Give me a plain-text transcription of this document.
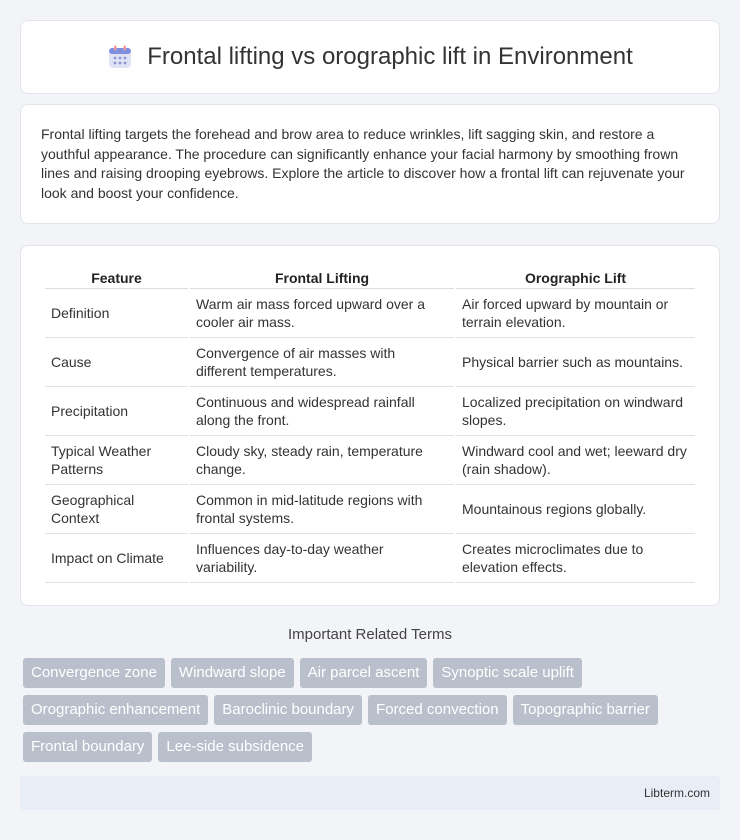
Frontal lifting vs orographic lift in Environment

Frontal lifting targets the forehead and brow area to reduce wrinkles, lift sagging skin, and restore a youthful appearance. The procedure can significantly enhance your facial harmony by smoothing frown lines and raising drooping eyebrows. Explore the article to discover how a frontal lift can rejuvenate your look and boost your confidence.

Feature	Frontal Lifting	Orographic Lift
Definition	Warm air mass forced upward over a cooler air mass.	Air forced upward by mountain or terrain elevation.
Cause	Convergence of air masses with different temperatures.	Physical barrier such as mountains.
Precipitation	Continuous and widespread rainfall along the front.	Localized precipitation on windward slopes.
Typical Weather Patterns	Cloudy sky, steady rain, temperature change.	Windward cool and wet; leeward dry (rain shadow).
Geographical Context	Common in mid-latitude regions with frontal systems.	Mountainous regions globally.
Impact on Climate	Influences day-to-day weather variability.	Creates microclimates due to elevation effects.
Important Related Terms
Convergence zone	Windward slope	Air parcel ascent	Synoptic scale uplift
Orographic enhancement	Baroclinic boundary	Forced convection	Topographic barrier
Frontal boundary	Lee-side subsidence
Libterm.com
